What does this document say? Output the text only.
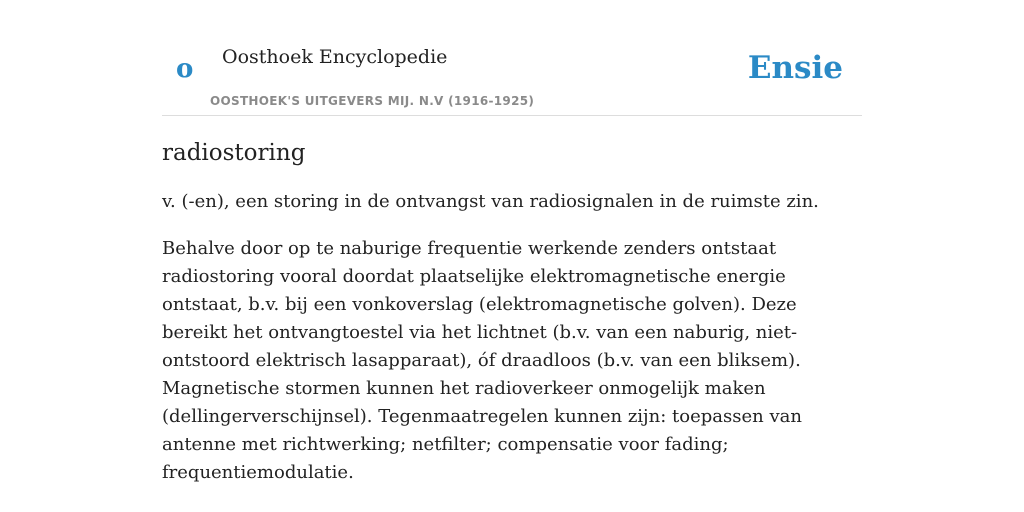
o Oosthoek Encyclopedie
OOSTHOEK'S UITGEVERS MIJ. N.V (1916-1925)
Ensie
radiostoring

v. (-en), een storing in de ontvangst van radiosignalen in de ruimste zin.

Behalve door op te naburige frequentie werkende zenders ontstaat radiostoring vooral doordat plaatselijke elektromagnetische energie ontstaat, b.v. bij een vonkoverslag (elektromagnetische golven). Deze bereikt het ontvangtoestel via het lichtnet (b.v. van een naburig, niet-ontstoord elektrisch lasapparaat), óf draadloos (b.v. van een bliksem). Magnetische stormen kunnen het radioverkeer onmogelijk maken (dellingerverschijnsel). Tegenmaatregelen kunnen zijn: toepassen van antenne met richtwerking; netfilter; compensatie voor fading; frequentiemodulatie.
